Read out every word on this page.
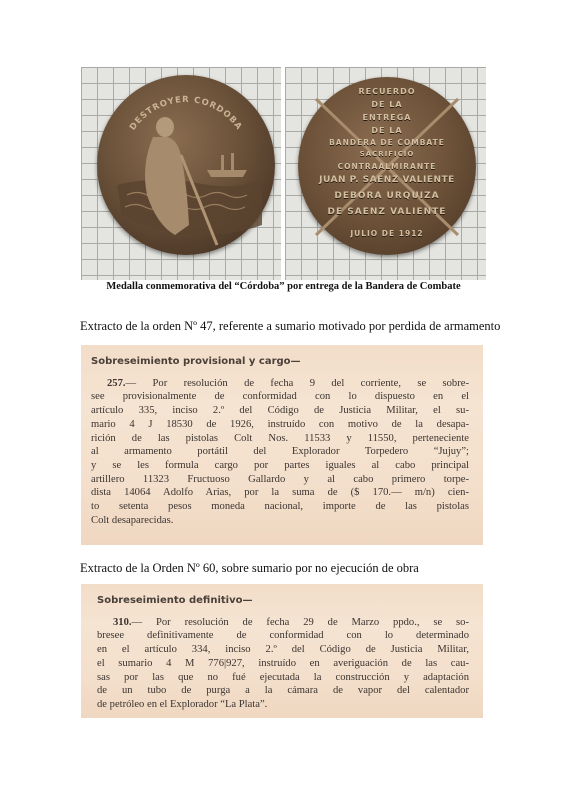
DESTROYER CORDOBA
RECUERDO
DE LA
ENTREGA
DE LA
BANDERA DE COMBATE
SACRIFICIO
CONTRAALMIRANTE
JUAN P. SAENZ VALIENTE
DEBORA URQUIZA
DE SAENZ VALIENTE
JULIO DE 1912
Medalla conmemorativa del “Córdoba” por entrega de la Bandera de Combate
Extracto de la orden Nº 47, referente a sumario motivado por perdida de armamento
Sobreseimiento provisional y cargo—
257.— Por resolución de fecha 9 del corriente, se sobre-
see provisionalmente de conformidad con lo dispuesto en el
artículo 335, inciso 2.º del Código de Justicia Militar, el su-
mario 4 J 18530 de 1926, instruído con motivo de la desapa-
rición de las pistolas Colt Nos. 11533 y 11550, perteneciente
al armamento portátil del Explorador Torpedero “Jujuy”;
y se les formula cargo por partes iguales al cabo principal
artillero 11323 Fructuoso Gallardo y al cabo primero torpe-
dista 14064 Adolfo Arias, por la suma de ($ 170.— m/n) cien-
to setenta pesos moneda nacional, importe de las pistolas
Colt desaparecidas.
Extracto de la Orden Nº 60, sobre sumario por no ejecución de obra
Sobreseimiento definitivo—
310.— Por resolución de fecha 29 de Marzo ppdo., se so-
bresee definitivamente de conformidad con lo determinado
en el artículo 334, inciso 2.º del Código de Justicia Militar,
el sumario 4 M 776|927, instruído en averiguación de las cau-
sas por las que no fué ejecutada la construcción y adaptación
de un tubo de purga a la cámara de vapor del calentador
de petróleo en el Explorador “La Plata”.
